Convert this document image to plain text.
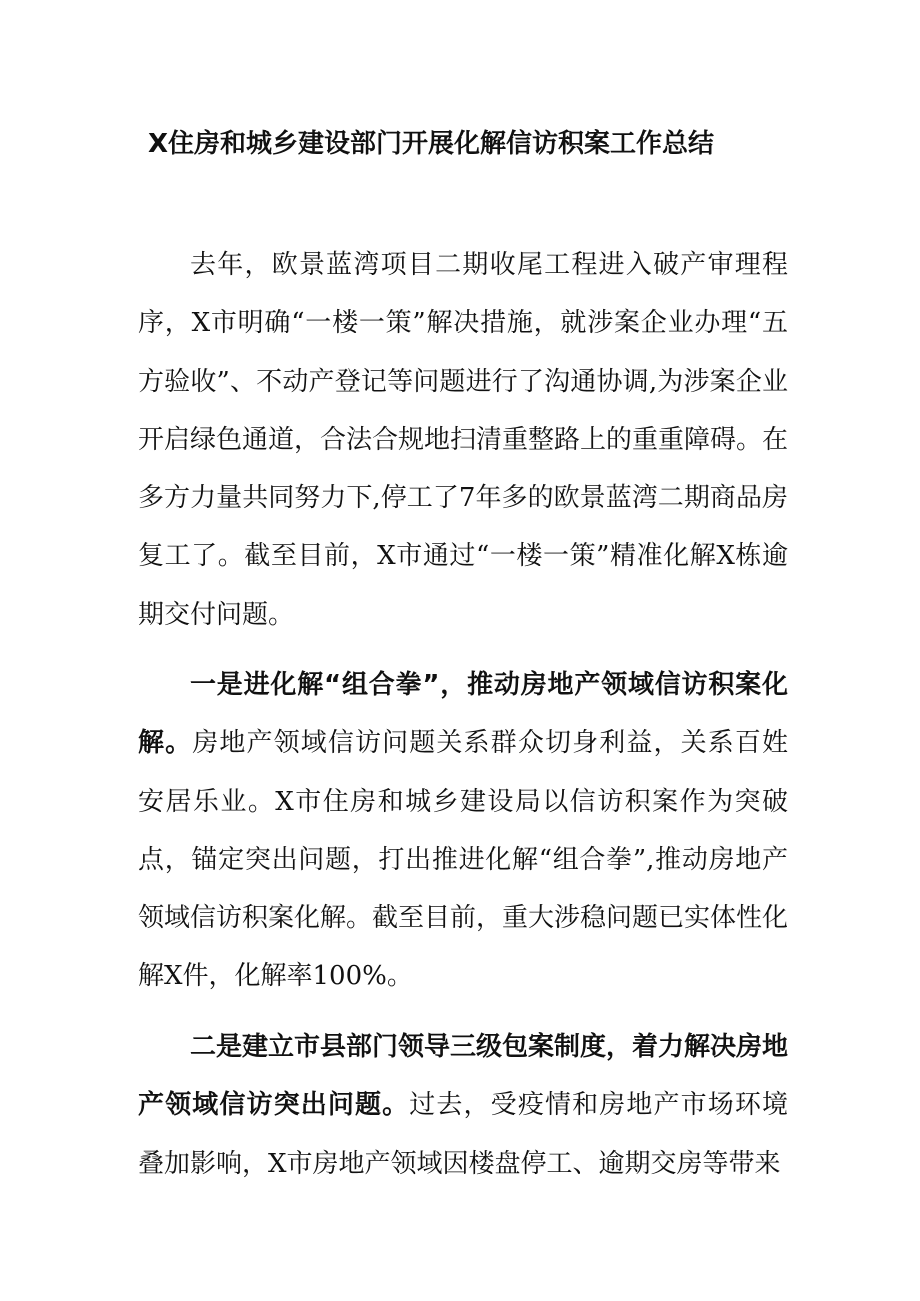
X住房和城乡建设部门开展化解信访积案工作总结

去年，欧景蓝湾项目二期收尾工程进入破产审理程序，X市明确“一楼一策”解决措施，就涉案企业办理“五方验收”、不动产登记等问题进行了沟通协调,为涉案企业开启绿色通道，合法合规地扫清重整路上的重重障碍。在多方力量共同努力下,停工了7年多的欧景蓝湾二期商品房复工了。截至目前，X市通过“一楼一策”精准化解X栋逾期交付问题。

一是进化解“组合拳”，推动房地产领域信访积案化解。房地产领域信访问题关系群众切身利益，关系百姓安居乐业。X市住房和城乡建设局以信访积案作为突破点，锚定突出问题，打出推进化解“组合拳”,推动房地产领域信访积案化解。截至目前，重大涉稳问题已实体性化解X件，化解率100%。

二是建立市县部门领导三级包案制度，着力解决房地产领域信访突出问题。过去，受疫情和房地产市场环境叠加影响，X市房地产领域因楼盘停工、逾期交房等带来
